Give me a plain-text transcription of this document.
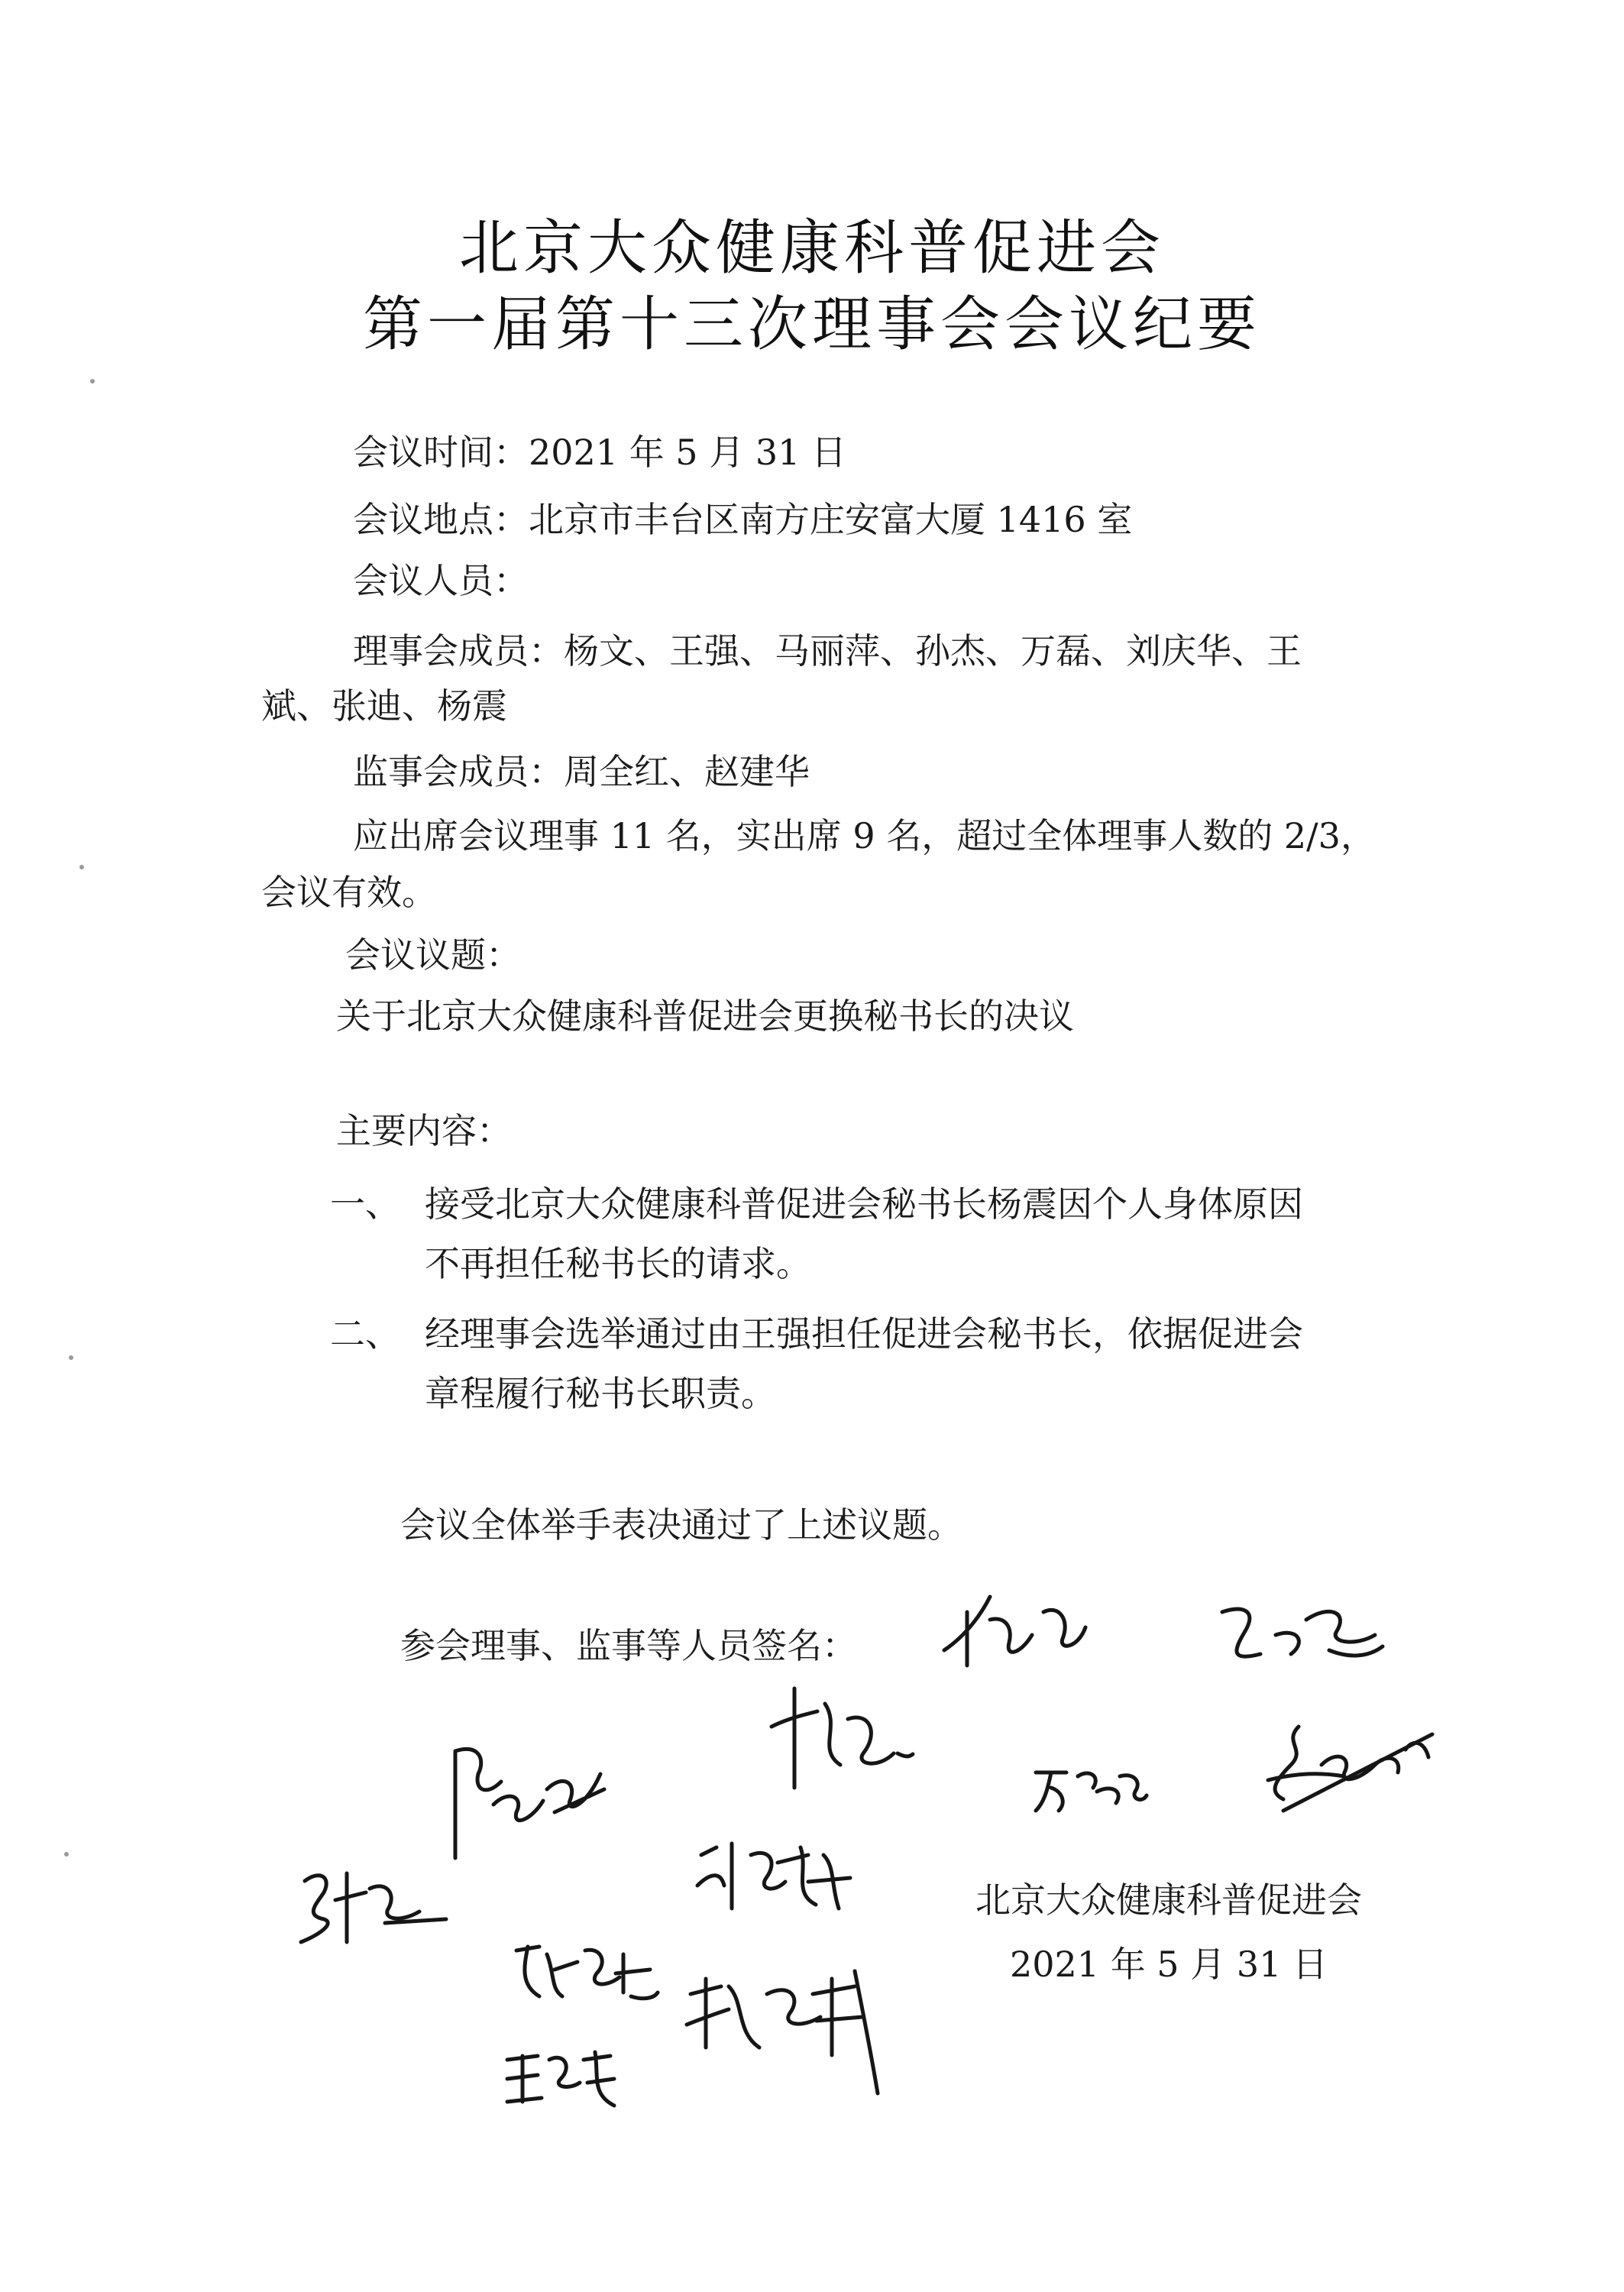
北京大众健康科普促进会
第一届第十三次理事会会议纪要
会议时间：2021 年 5 月 31 日
会议地点：北京市丰台区南方庄安富大厦 1416 室
会议人员：
理事会成员：杨文、王强、马丽萍、孙杰、万磊、刘庆华、王
斌、张迪、杨震
监事会成员：周全红、赵建华
应出席会议理事 11 名，实出席 9 名，超过全体理事人数的 2/3，
会议有效。
会议议题：
关于北京大众健康科普促进会更换秘书长的决议
主要内容：
一、 接受北京大众健康科普促进会秘书长杨震因个人身体原因
不再担任秘书长的请求。
二、 经理事会选举通过由王强担任促进会秘书长，依据促进会
章程履行秘书长职责。
会议全体举手表决通过了上述议题。
参会理事、监事等人员签名：
北京大众健康科普促进会
2021 年 5 月 31 日
